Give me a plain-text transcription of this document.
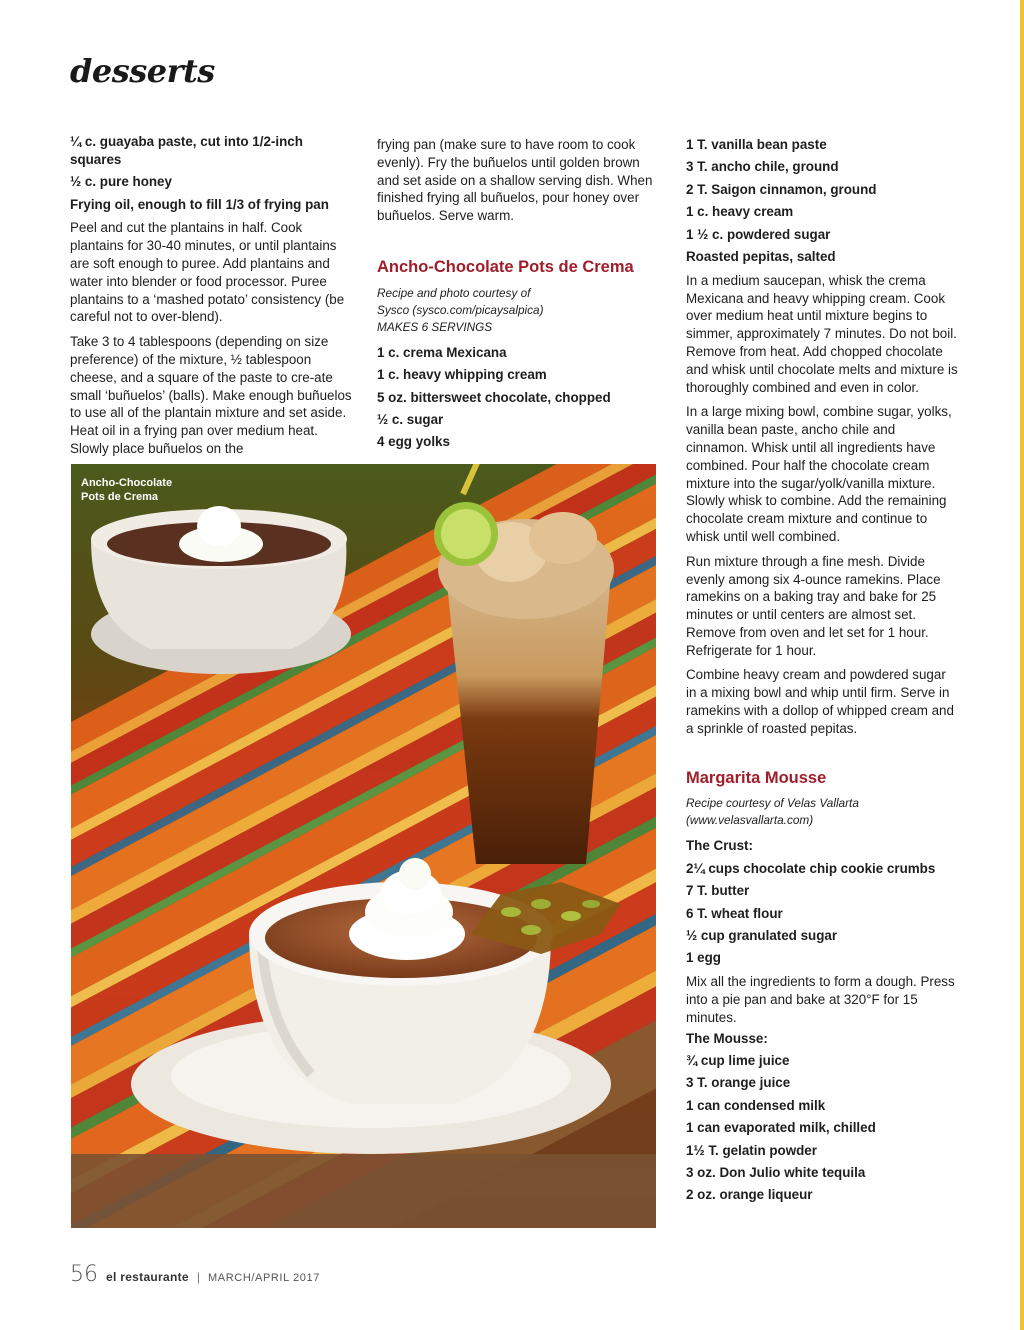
desserts
¼ c. guayaba paste, cut into 1/2-inch squares
½ c. pure honey
Frying oil, enough to fill 1/3 of frying pan

Peel and cut the plantains in half. Cook plantains for 30-40 minutes, or until plantains are soft enough to puree. Add plantains and water into blender or food processor. Puree plantains to a ‘mashed potato’ consistency (be careful not to over-blend).

Take 3 to 4 tablespoons (depending on size preference) of the mixture, ½ tablespoon cheese, and a square of the paste to cre-ate small ‘buñuelos’ (balls). Make enough buñuelos to use all of the plantain mixture and set aside. Heat oil in a frying pan over medium heat. Slowly place buñuelos on the

frying pan (make sure to have room to cook evenly). Fry the buñuelos until golden brown and set aside on a shallow serving dish. When finished frying all buñuelos, pour honey over buñuelos. Serve warm.

Ancho-Chocolate Pots de Crema
Recipe and photo courtesy of
Sysco (sysco.com/picaysalpica)
MAKES 6 SERVINGS
1 c. crema Mexicana
1 c. heavy whipping cream
5 oz. bittersweet chocolate, chopped
½ c. sugar
4 egg yolks
Ancho-Chocolate
Pots de Crema
1 T. vanilla bean paste
3 T. ancho chile, ground
2 T. Saigon cinnamon, ground
1 c. heavy cream
1 ½ c. powdered sugar
Roasted pepitas, salted

In a medium saucepan, whisk the crema Mexicana and heavy whipping cream. Cook over medium heat until mixture begins to simmer, approximately 7 minutes. Do not boil. Remove from heat. Add chopped chocolate and whisk until chocolate melts and mixture is thoroughly combined and even in color.

In a large mixing bowl, combine sugar, yolks, vanilla bean paste, ancho chile and cinnamon. Whisk until all ingredients have combined. Pour half the chocolate cream mixture into the sugar/yolk/vanilla mixture. Slowly whisk to combine. Add the remaining chocolate cream mixture and continue to whisk until well combined.

Run mixture through a fine mesh. Divide evenly among six 4-ounce ramekins. Place ramekins on a baking tray and bake for 25 minutes or until centers are almost set. Remove from oven and let set for 1 hour. Refrigerate for 1 hour.

Combine heavy cream and powdered sugar in a mixing bowl and whip until firm. Serve in ramekins with a dollop of whipped cream and a sprinkle of roasted pepitas.

Margarita Mousse
Recipe courtesy of Velas Vallarta
(www.velasvallarta.com)
The Crust:
2¼ cups chocolate chip cookie crumbs
7 T. butter
6 T. wheat flour
½ cup granulated sugar
1 egg

Mix all the ingredients to form a dough. Press into a pie pan and bake at 320°F for 15 minutes.

The Mousse:
¾ cup lime juice
3 T. orange juice
1 can condensed milk
1 can evaporated milk, chilled
1½ T. gelatin powder
3 oz. Don Julio white tequila
2 oz. orange liqueur
56 el restaurante | MARCH/APRIL 2017
